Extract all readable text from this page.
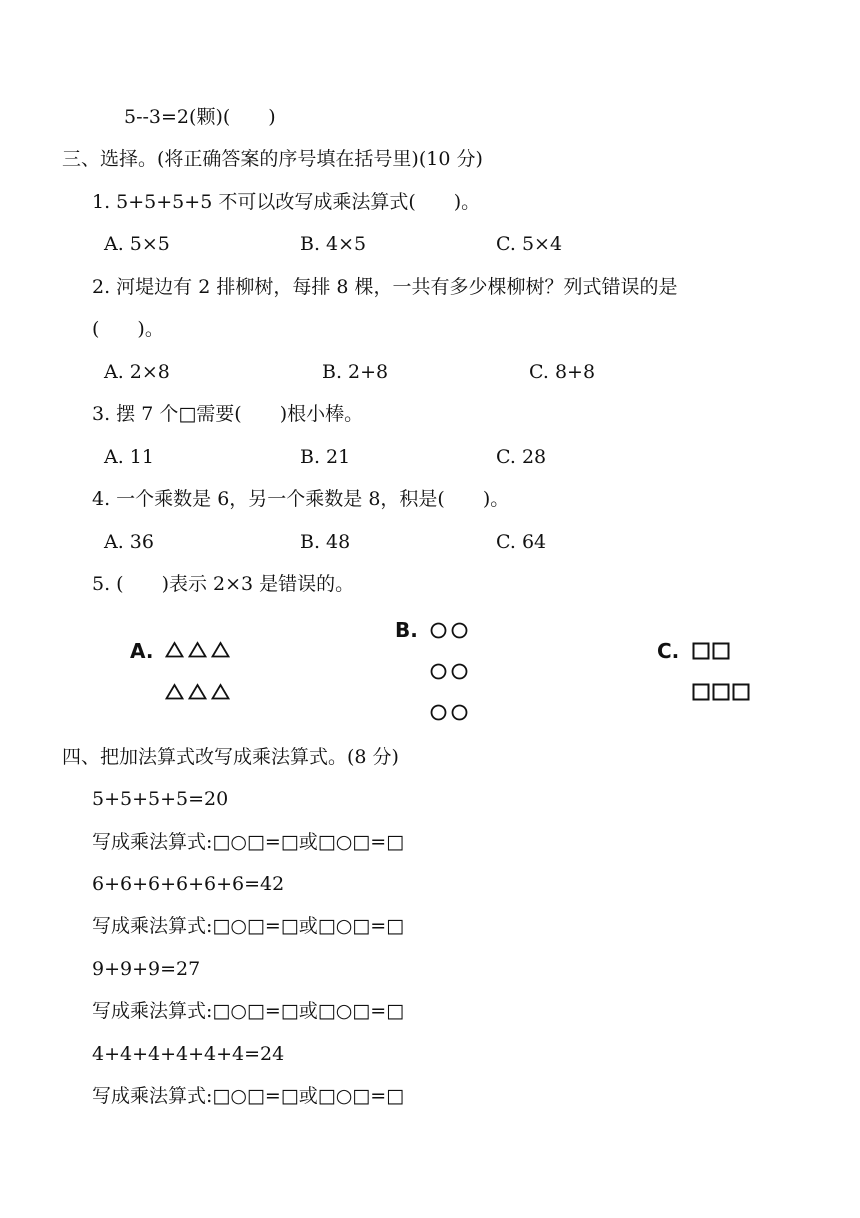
5--3=2(颗)(　　)
三、选择。(将正确答案的序号填在括号里)(10 分)
1. 5+5+5+5 不可以改写成乘法算式(　　)。
A. 5×5	B. 4×5	C. 5×4
2. 河堤边有 2 排柳树，每排 8 棵，一共有多少棵柳树？列式错误的是
(　　)。
A. 2×8	B. 2+8	C. 8+8
3. 摆 7 个□需要(　　)根小棒。
A. 11	B. 21	C. 28
4. 一个乘数是 6，另一个乘数是 8，积是(　　)。
A. 36	B. 48	C. 64
5. (　　)表示 2×3 是错误的。
A.
B.
C.
四、把加法算式改写成乘法算式。(8 分)
5+5+5+5=20
写成乘法算式:□○□=□或□○□=□
6+6+6+6+6+6=42
写成乘法算式:□○□=□或□○□=□
9+9+9=27
写成乘法算式:□○□=□或□○□=□
4+4+4+4+4+4=24
写成乘法算式:□○□=□或□○□=□
